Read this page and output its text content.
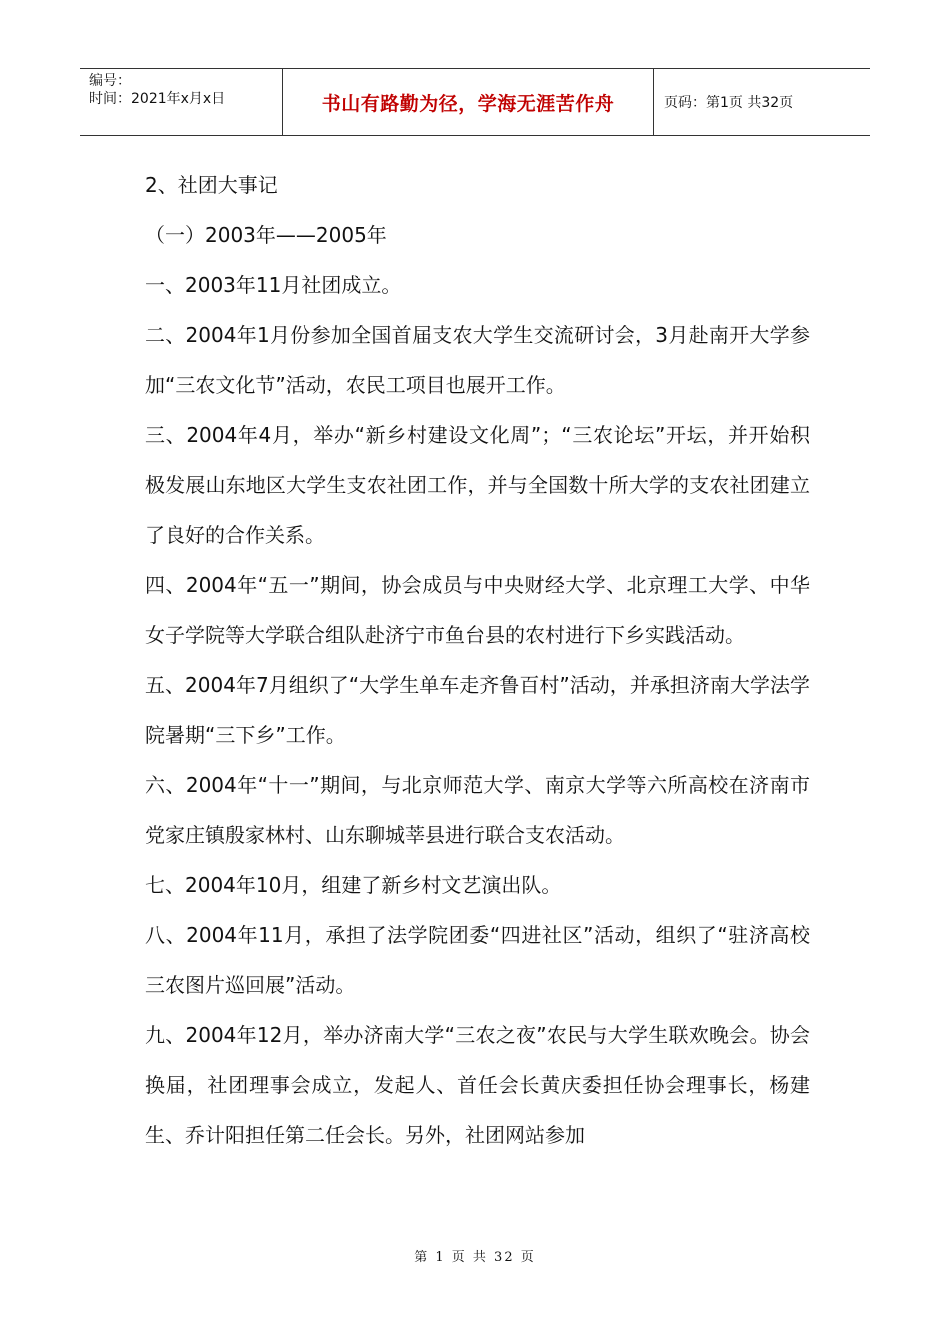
编号：
时间：2021年x月x日	书山有路勤为径，学海无涯苦作舟	页码：第1页 共32页

2、社团大事记

（一）2003年——2005年

一、2003年11月社团成立。

二、2004年1月份参加全国首届支农大学生交流研讨会，3月赴南开大学参加“三农文化节”活动，农民工项目也展开工作。

三、2004年4月，举办“新乡村建设文化周”；“三农论坛”开坛，并开始积极发展山东地区大学生支农社团工作，并与全国数十所大学的支农社团建立了良好的合作关系。

四、2004年“五一”期间，协会成员与中央财经大学、北京理工大学、中华女子学院等大学联合组队赴济宁市鱼台县的农村进行下乡实践活动。

五、2004年7月组织了“大学生单车走齐鲁百村”活动，并承担济南大学法学院暑期“三下乡”工作。

六、2004年“十一”期间，与北京师范大学、南京大学等六所高校在济南市党家庄镇殷家林村、山东聊城莘县进行联合支农活动。

七、2004年10月，组建了新乡村文艺演出队。

八、2004年11月，承担了法学院团委“四进社区”活动，组织了“驻济高校三农图片巡回展”活动。

九、2004年12月，举办济南大学“三农之夜”农民与大学生联欢晚会。协会换届，社团理事会成立，发起人、首任会长黄庆委担任协会理事长，杨建生、乔计阳担任第二任会长。另外，社团网站参加

第 1 页 共 32 页
